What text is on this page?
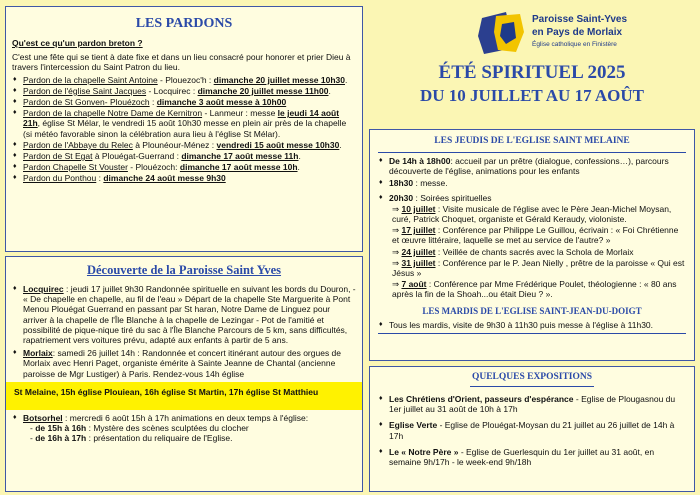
LES PARDONS
Qu'est ce qu'un pardon breton ?
C'est une fête qui se tient à date fixe et dans un lieu consacré pour honorer et prier Dieu à travers l'intercession du Saint Patron du lieu.
♦ Pardon de la chapelle Saint Antoine - Plouezoc'h : dimanche 20 juillet messe 10h30.
♦ Pardon de l'église Saint Jacques - Locquirec : dimanche 20 juillet messe 11h00.
♦ Pardon de St Gonven- Plouézoch : dimanche 3 août messe à 10h00
♦ Pardon de la chapelle Notre Dame de Kernitron - Lanmeur : messe le jeudi 14 août 21h, église St Mélar, le vendredi 15 août 10h30 messe en plein air près de la chapelle (si météo favorable sinon la célébration aura lieu à l'église St Mélar).
♦ Pardon de l'Abbaye du Relec à Plounéour-Ménez : vendredi 15 août messe 10h30.
♦ Pardon de St Egat à Plouégat-Guerrand : dimanche 17 août messe 11h.
♦ Pardon Chapelle St Vouster - Plouézoch: dimanche 17 août messe 10h.
♦ Pardon du Ponthou : dimanche 24 août messe 9h30
Découverte de la Paroisse Saint Yves
♦ Locquirec : jeudi 17 juillet 9h30 Randonnée spirituelle en suivant les bords du Douron, - « De chapelle en chapelle, au fil de l'eau » Départ de la chapelle Ste Marguerite à Pont Menou Plouégat Guerrand en passant par St haran, Notre Dame de Linguez pour arriver à la chapelle de l'Île Blanche à la chapelle de Lezingar - Pot de l'amitié et possibilité de pique-nique tiré du sac à l'Île Blanche Parcours de 5 km, sans difficultés, rapatriement vers voitures prévu, adapté aux enfants à partir de 5 ans.
♦ Morlaix: samedi 26 juillet 14h : Randonnée et concert itinérant autour des orgues de Morlaix avec Henri Paget, organiste émérite à Sainte Jeanne de Chantal (ancienne paroisse de Mgr Lustiger) à Paris. Rendez-vous 14h église
St Melaine, 15h église Plouiean, 16h église St Martin, 17h église St Matthieu
♦ Botsorhel : mercredi 6 août 15h à 17h animations en deux temps à l'église:
- de 15h à 16h : Mystère des scènes sculptées du clocher
- de 16h à 17h : présentation du reliquaire de l'Eglise.
Paroisse Saint-Yves
en Pays de Morlaix
Église catholique en Finistère
ÉTÉ SPIRITUEL 2025
DU 10 JUILLET AU 17 AOÛT
LES JEUDIS DE L'EGLISE SAINT MELAINE
♦ De 14h à 18h00: accueil par un prêtre (dialogue, confessions…), parcours découverte de l'église, animations pour les enfants
♦ 18h30 : messe.
♦ 20h30 : Soirées spirituelles
⇒ 10 juillet : Visite musicale de l'église avec le Père Jean-Michel Moysan, curé, Patrick Choquet, organiste et Gérald Keraudy, violoniste.
⇒ 17 juillet : Conférence par Philippe Le Guillou, écrivain : « Foi Chrétienne et œuvre littéraire, laquelle se met au service de l'autre? »
⇒ 24 juillet : Veillée de chants sacrés avec la Schola de Morlaix
⇒ 31 juillet : Conférence par le P. Jean Nielly , prêtre de la paroisse « Qui est Jésus »
⇒ 7 août : Conférence par Mme Frédérique Poulet, théologienne : « 80 ans après la fin de la Shoah...ou était Dieu ? ».
LES MARDIS DE L'EGLISE SAINT-JEAN-DU-DOIGT
♦ Tous les mardis, visite de 9h30 à 11h30 puis messe à l'église à 11h30.
QUELQUES EXPOSITIONS
♦ Les Chrétiens d'Orient, passeurs d'espérance - Eglise de Plougasnou du 1er juillet au 31 août de 10h à 17h
♦ Eglise Verte - Eglise de Plouégat-Moysan du 21 juillet au 26 juillet de 14h à 17h
♦ Le « Notre Père » - Eglise de Guerlesquin du 1er juillet au 31 août, en semaine 9h/17h - le week-end 9h/18h
